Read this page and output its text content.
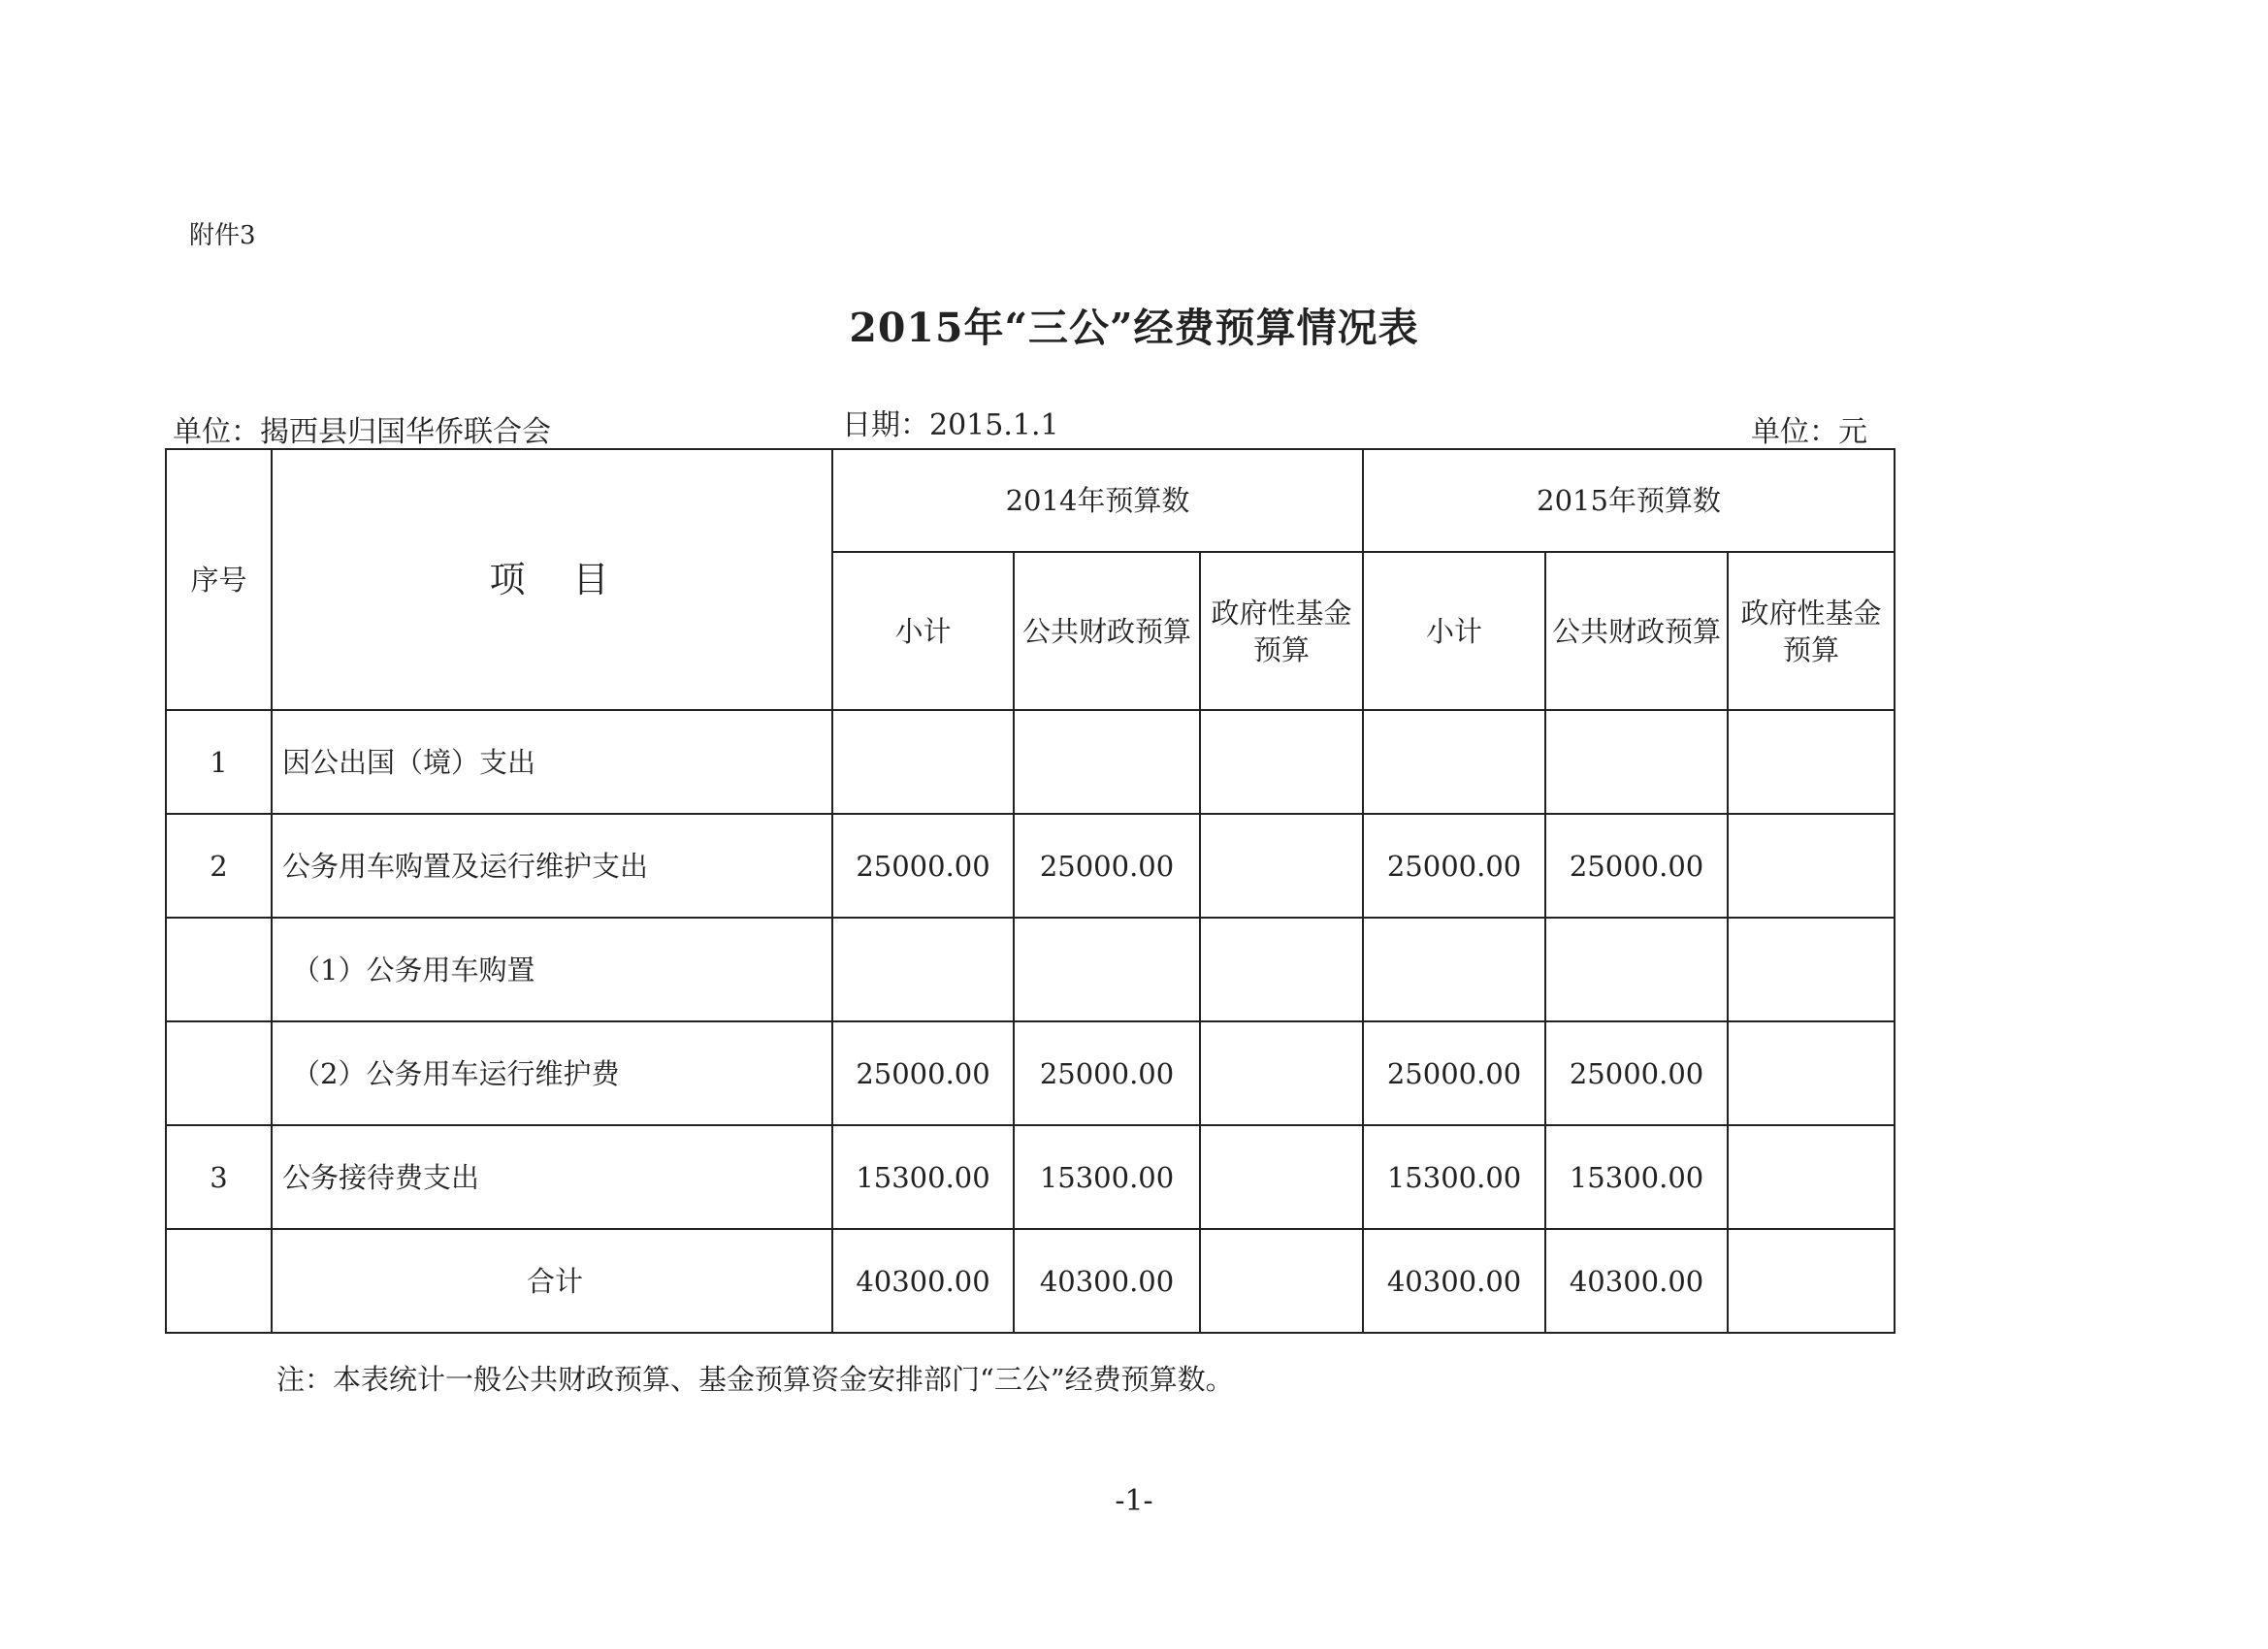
附件3
2015年“三公”经费预算情况表
单位：揭西县归国华侨联合会	日期：2015.1.1	单位：元
序号	项　目	2014年预算数			2015年预算数		
		小计	公共财政预算	政府性基金预算	小计	公共财政预算	政府性基金预算
1	因公出国（境）支出						
2	公务用车购置及运行维护支出	25000.00	25000.00		25000.00	25000.00	
	（1）公务用车购置						
	（2）公务用车运行维护费	25000.00	25000.00		25000.00	25000.00	
3	公务接待费支出	15300.00	15300.00		15300.00	15300.00	
	合计	40300.00	40300.00		40300.00	40300.00	
注：本表统计一般公共财政预算、基金预算资金安排部门“三公”经费预算数。
-1-
